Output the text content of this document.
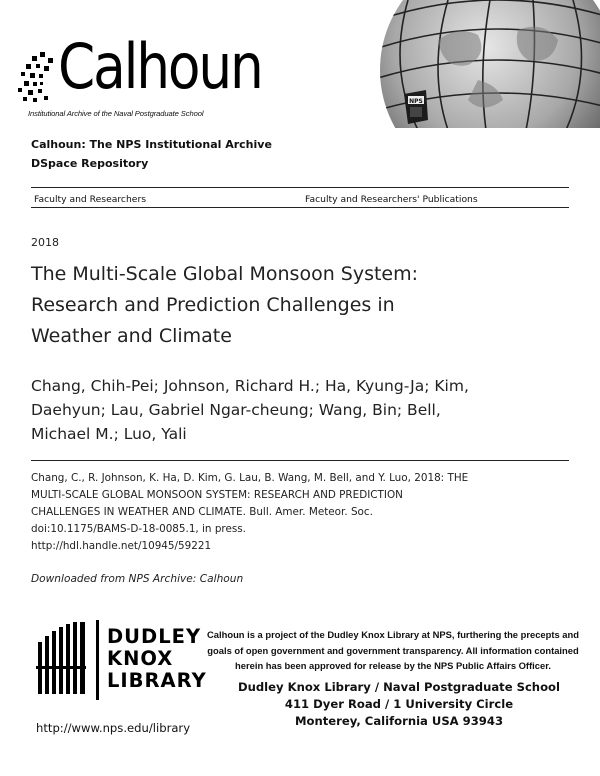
Calhoun
Institutional Archive of the Naval Postgraduate School
NPS
Calhoun: The NPS Institutional Archive
DSpace Repository
Faculty and Researchers	Faculty and Researchers' Publications
2018
The Multi-Scale Global Monsoon System:
Research and Prediction Challenges in
Weather and Climate
Chang, Chih-Pei; Johnson, Richard H.; Ha, Kyung-Ja; Kim,
Daehyun; Lau, Gabriel Ngar-cheung; Wang, Bin; Bell,
Michael M.; Luo, Yali
Chang, C., R. Johnson, K. Ha, D. Kim, G. Lau, B. Wang, M. Bell, and Y. Luo, 2018: THE
MULTI-SCALE GLOBAL MONSOON SYSTEM: RESEARCH AND PREDICTION
CHALLENGES IN WEATHER AND CLIMATE. Bull. Amer. Meteor. Soc.
doi:10.1175/BAMS-D-18-0085.1, in press.
http://hdl.handle.net/10945/59221
Downloaded from NPS Archive: Calhoun
DUDLEY
KNOX
LIBRARY
Calhoun is a project of the Dudley Knox Library at NPS, furthering the precepts and
goals of open government and government transparency. All information contained
herein has been approved for release by the NPS Public Affairs Officer.
Dudley Knox Library / Naval Postgraduate School
411 Dyer Road / 1 University Circle
Monterey, California USA 93943
http://www.nps.edu/library
